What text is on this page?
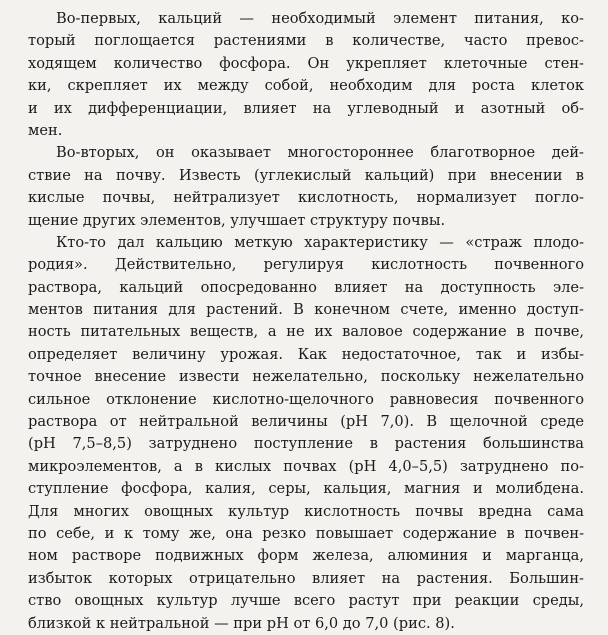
Во-первых, кальций — необходимый элемент питания, ко-
торый поглощается растениями в количестве, часто превос-
ходящем количество фосфора. Он укрепляет клеточные стен-
ки, скрепляет их между собой, необходим для роста клеток
и их дифференциации, влияет на углеводный и азотный об-
мен.
Во-вторых, он оказывает многостороннее благотворное дей-
ствие на почву. Известь (углекислый кальций) при внесении в
кислые почвы, нейтрализует кислотность, нормализует погло-
щение других элементов, улучшает структуру почвы.
Кто-то дал кальцию меткую характеристику — «страж плодо-
родия». Действительно, регулируя кислотность почвенного
раствора, кальций опосредованно влияет на доступность эле-
ментов питания для растений. В конечном счете, именно доступ-
ность питательных веществ, а не их валовое содержание в почве,
определяет величину урожая. Как недостаточное, так и избы-
точное внесение извести нежелательно, поскольку нежелательно
сильное отклонение кислотно-щелочного равновесия почвенного
раствора от нейтральной величины (pH 7,0). В щелочной среде
(pH 7,5–8,5) затруднено поступление в растения большинства
микроэлементов, а в кислых почвах (pH 4,0–5,5) затруднено по-
ступление фосфора, калия, серы, кальция, магния и молибдена.
Для многих овощных культур кислотность почвы вредна сама
по себе, и к тому же, она резко повышает содержание в почвен-
ном растворе подвижных форм железа, алюминия и марганца,
избыток которых отрицательно влияет на растения. Большин-
ство овощных культур лучше всего растут при реакции среды,
близкой к нейтральной — при pH от 6,0 до 7,0 (рис. 8).
